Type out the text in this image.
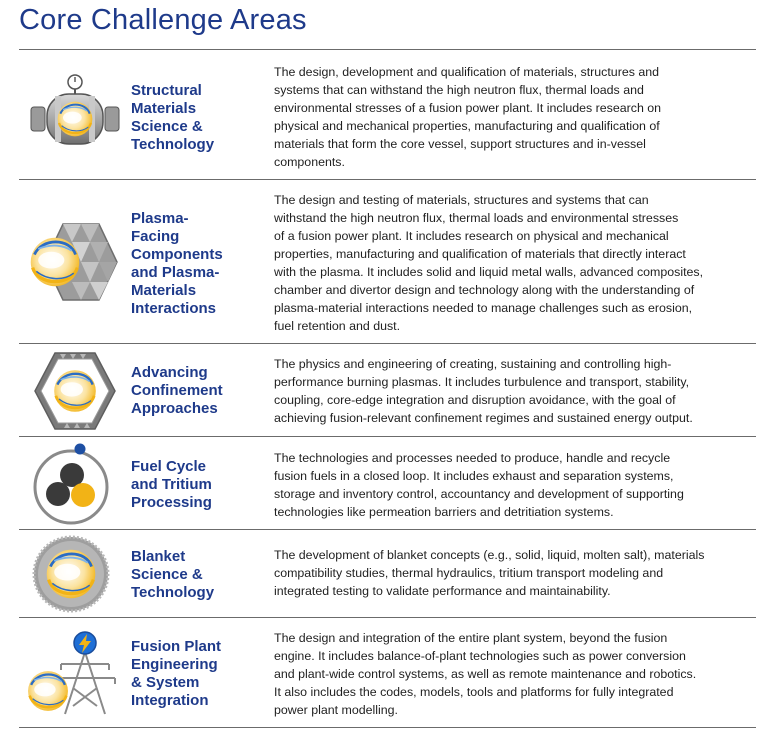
Core Challenge Areas
Structural
Materials
Science &
Technology
The design, development and qualification of materials, structures and
systems that can withstand the high neutron flux, thermal loads and
environmental stresses of a fusion power plant. It includes research on
physical and mechanical properties, manufacturing and qualification of
materials that form the core vessel, support structures and in-vessel
components.
Plasma-
Facing
Components
and Plasma-
Materials
Interactions
The design and testing of materials, structures and systems that can
withstand the high neutron flux, thermal loads and environmental stresses
of a fusion power plant. It includes research on physical and mechanical
properties, manufacturing and qualification of materials that directly interact
with the plasma. It includes solid and liquid metal walls, advanced composites,
chamber and divertor design and technology along with the understanding of
plasma-material interactions needed to manage challenges such as erosion,
fuel retention and dust.
Advancing
Confinement
Approaches
The physics and engineering of creating, sustaining and controlling high-
performance burning plasmas. It includes turbulence and transport, stability,
coupling, core-edge integration and disruption avoidance, with the goal of
achieving fusion-relevant confinement regimes and sustained energy output.
Fuel Cycle
and Tritium
Processing
The technologies and processes needed to produce, handle and recycle
fusion fuels in a closed loop. It includes exhaust and separation systems,
storage and inventory control, accountancy and development of supporting
technologies like permeation barriers and detritiation systems.
Blanket
Science &
Technology
The development of blanket concepts (e.g., solid, liquid, molten salt), materials
compatibility studies, thermal hydraulics, tritium transport modeling and
integrated testing to validate performance and maintainability.
Fusion Plant
Engineering
& System
Integration
The design and integration of the entire plant system, beyond the fusion
engine. It includes balance-of-plant technologies such as power conversion
and plant-wide control systems, as well as remote maintenance and robotics.
It also includes the codes, models, tools and platforms for fully integrated
power plant modelling.
